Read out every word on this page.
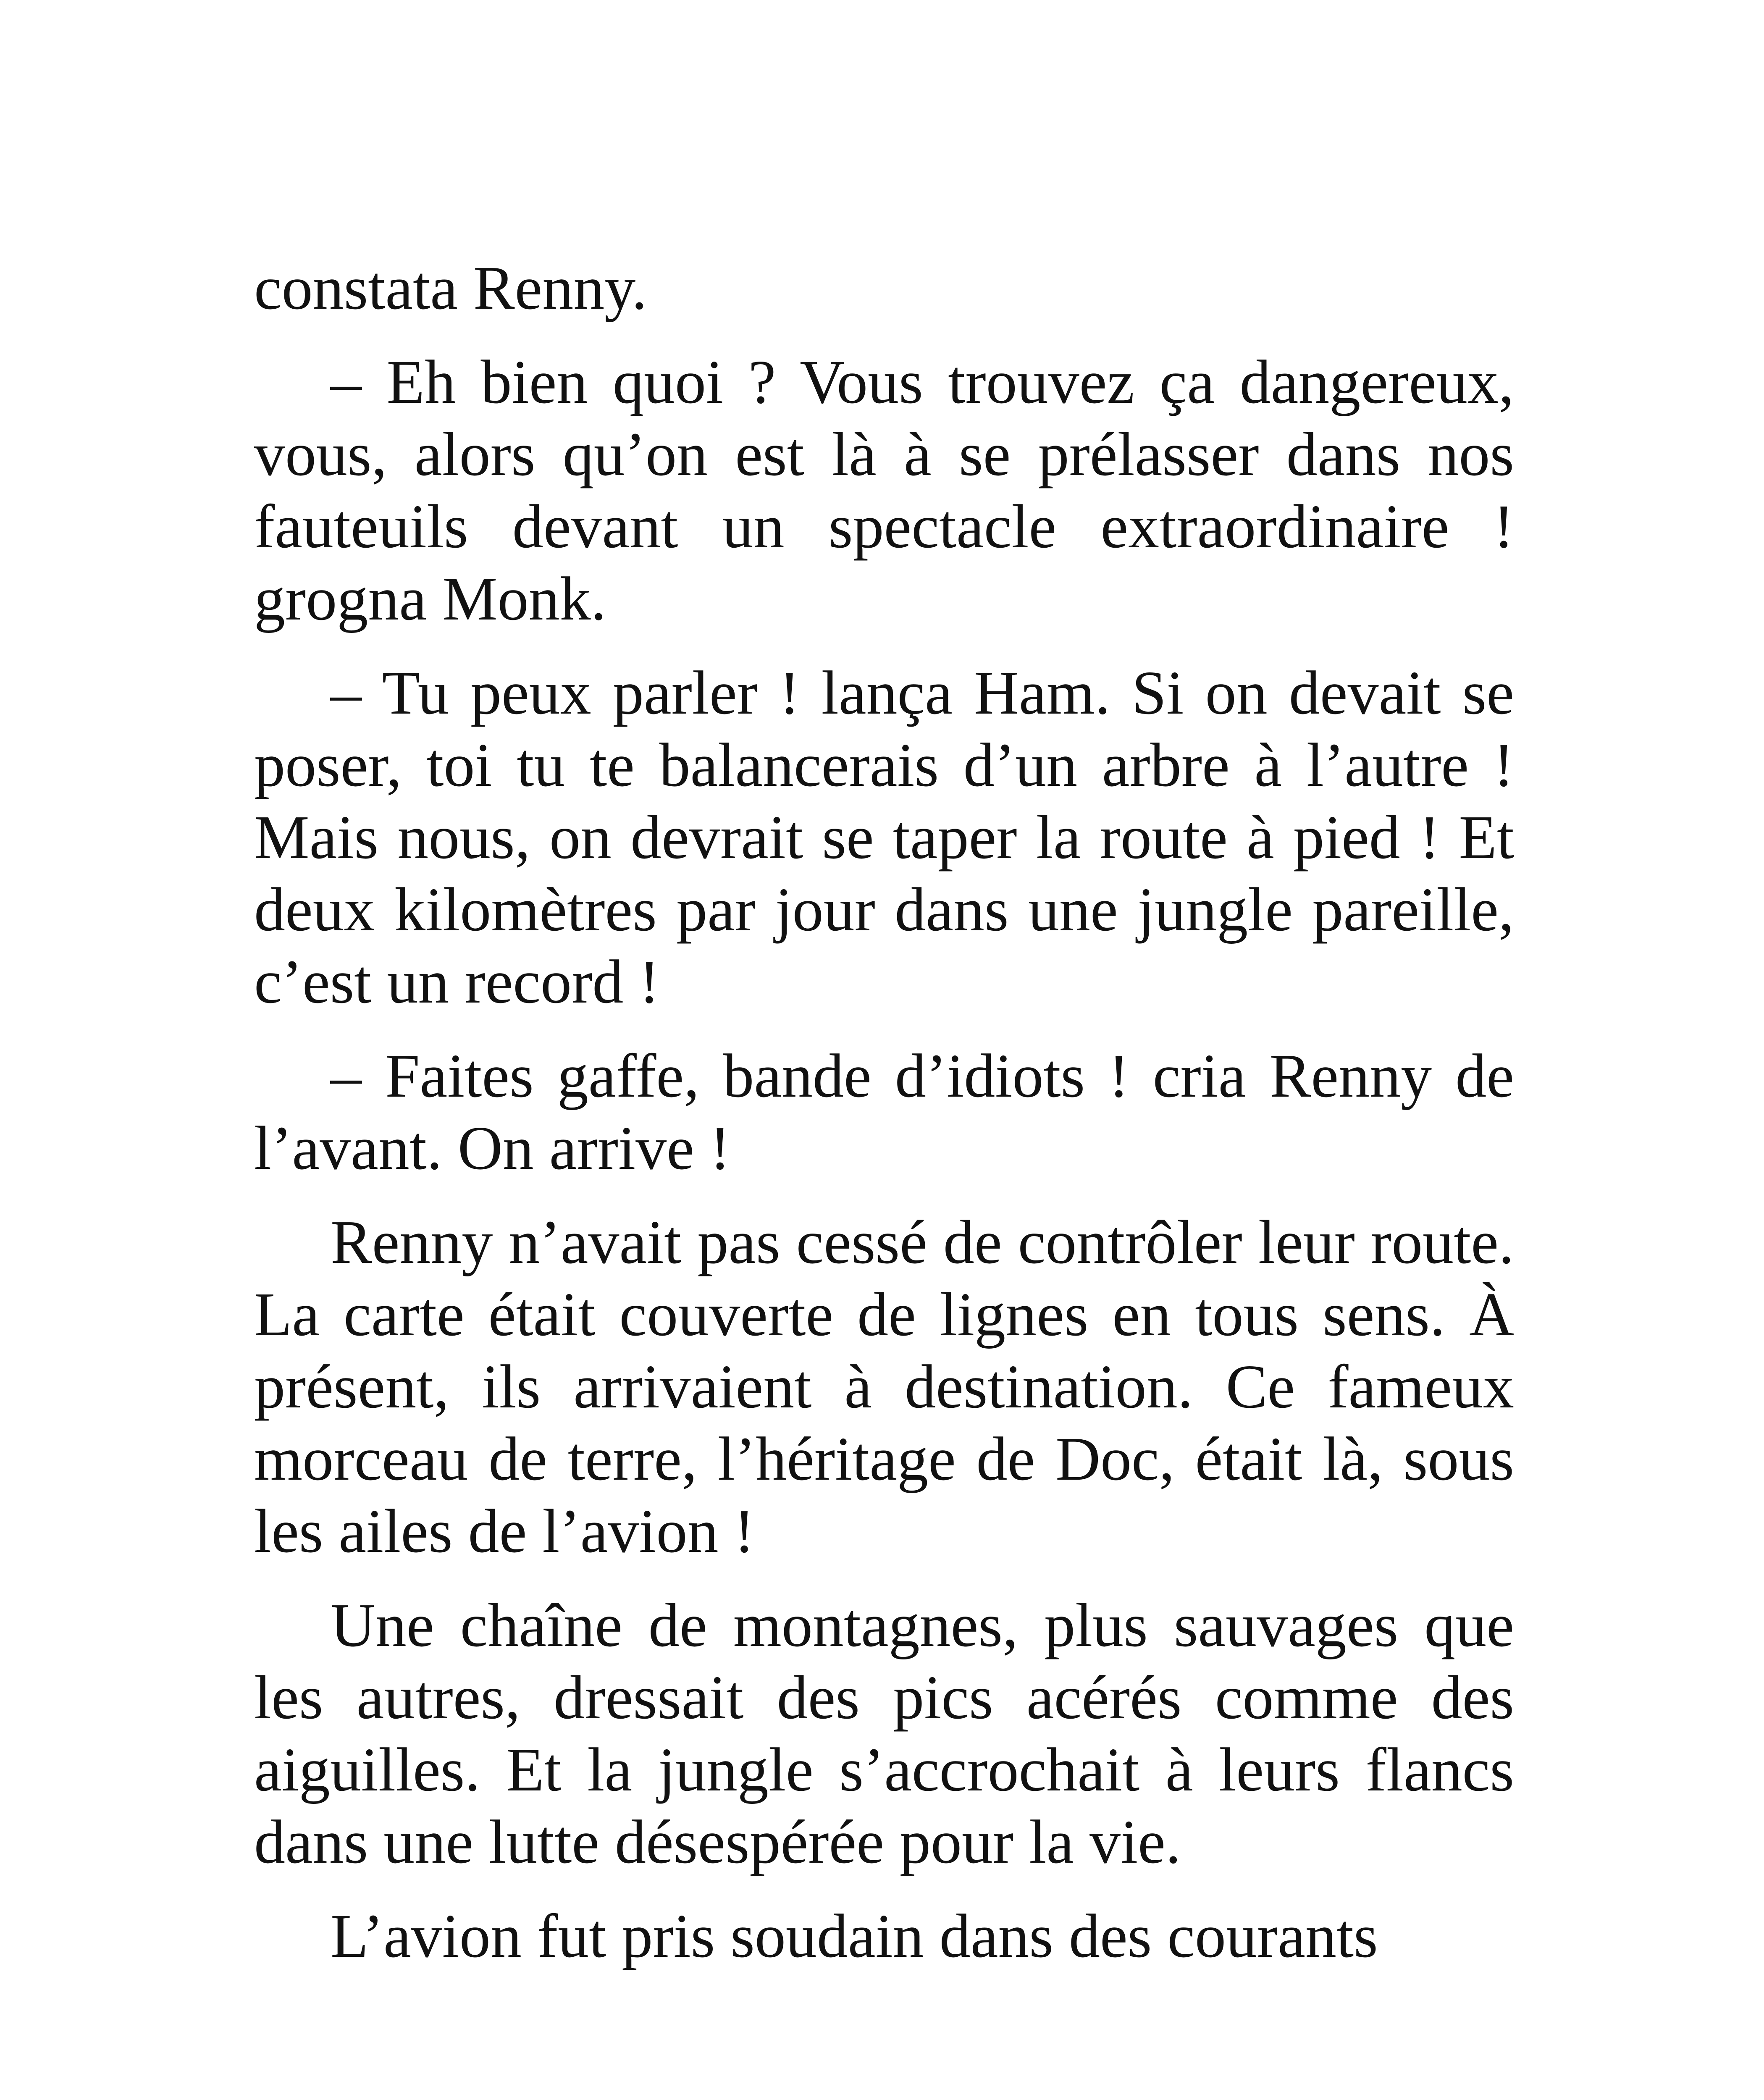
constata Renny.

– Eh bien quoi ? Vous trouvez ça dangereux, vous, alors qu’on est là à se prélasser dans nos fauteuils devant un spectacle extraordinaire ! grogna Monk.

– Tu peux parler ! lança Ham. Si on devait se poser, toi tu te balancerais d’un arbre à l’autre ! Mais nous, on devrait se taper la route à pied ! Et deux kilomètres par jour dans une jungle pareille, c’est un record !

– Faites gaffe, bande d’idiots ! cria Renny de l’avant. On arrive !

Renny n’avait pas cessé de contrôler leur route. La carte était couverte de lignes en tous sens. À présent, ils arrivaient à destination. Ce fameux morceau de terre, l’héritage de Doc, était là, sous les ailes de l’avion !

Une chaîne de montagnes, plus sauvages que les autres, dressait des pics acérés comme des aiguilles. Et la jungle s’accrochait à leurs flancs dans une lutte désespérée pour la vie.

L’avion fut pris soudain dans des courants
